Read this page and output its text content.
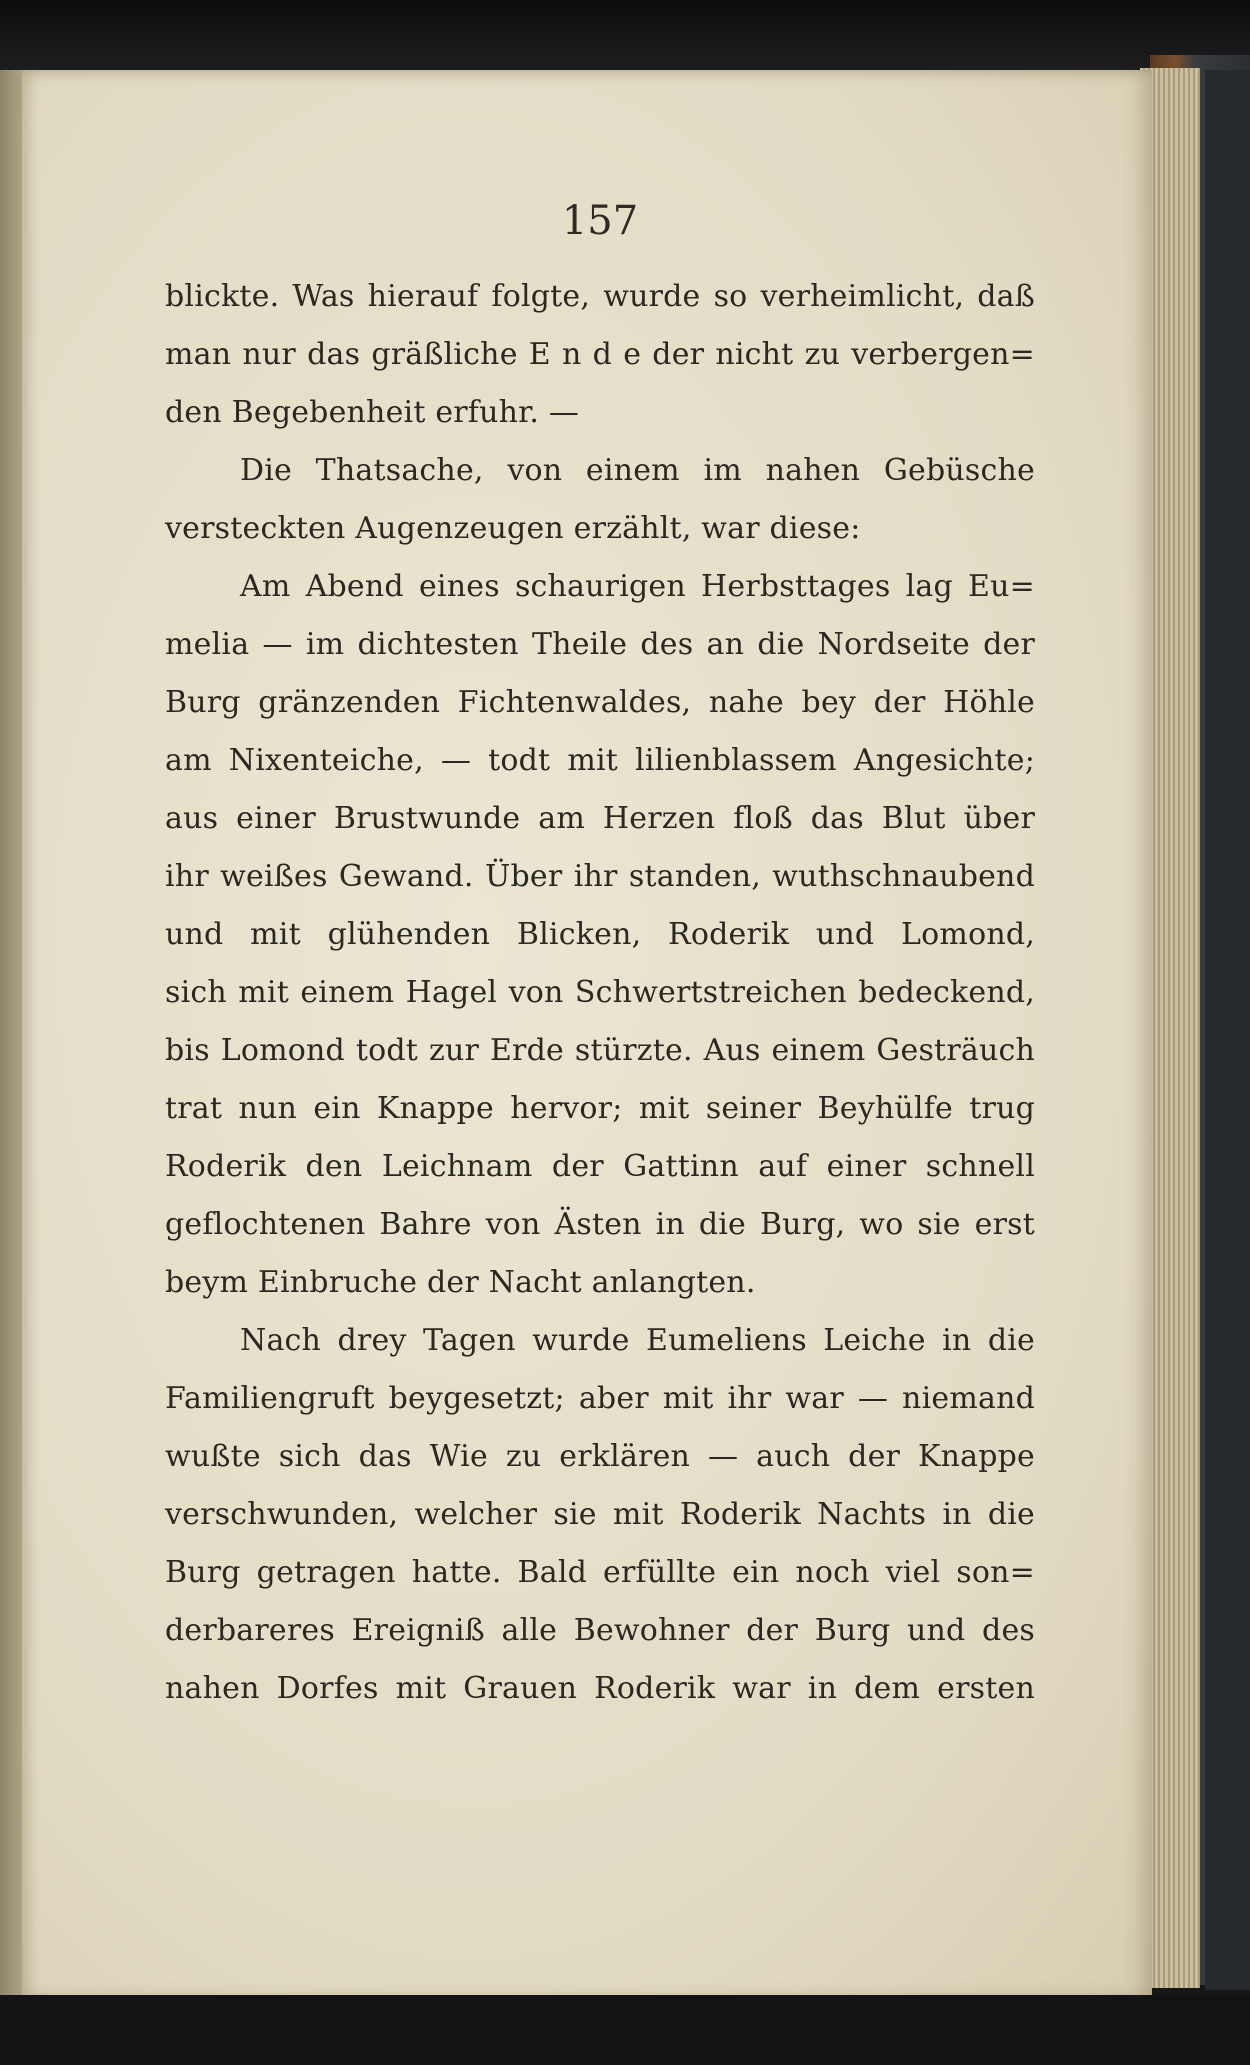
157
blickte. Was hierauf folgte, wurde so verheimlicht, daß
man nur das gräßliche E n d e der nicht zu verbergen=
den Begebenheit erfuhr. —
Die Thatsache, von einem im nahen Gebüsche
versteckten Augenzeugen erzählt, war diese:
Am Abend eines schaurigen Herbsttages lag Eu=
melia — im dichtesten Theile des an die Nordseite der
Burg gränzenden Fichtenwaldes, nahe bey der Höhle
am Nixenteiche, — todt mit lilienblassem Angesichte;
aus einer Brustwunde am Herzen floß das Blut über
ihr weißes Gewand. Über ihr standen, wuthschnaubend
und mit glühenden Blicken, Roderik und Lomond,
sich mit einem Hagel von Schwertstreichen bedeckend,
bis Lomond todt zur Erde stürzte. Aus einem Gesträuch
trat nun ein Knappe hervor; mit seiner Beyhülfe trug
Roderik den Leichnam der Gattinn auf einer schnell
geflochtenen Bahre von Ästen in die Burg, wo sie erst
beym Einbruche der Nacht anlangten.
Nach drey Tagen wurde Eumeliens Leiche in die
Familiengruft beygesetzt; aber mit ihr war — niemand
wußte sich das Wie zu erklären — auch der Knappe
verschwunden, welcher sie mit Roderik Nachts in die
Burg getragen hatte. Bald erfüllte ein noch viel son=
derbareres Ereigniß alle Bewohner der Burg und des
nahen Dorfes mit Grauen Roderik war in dem ersten
